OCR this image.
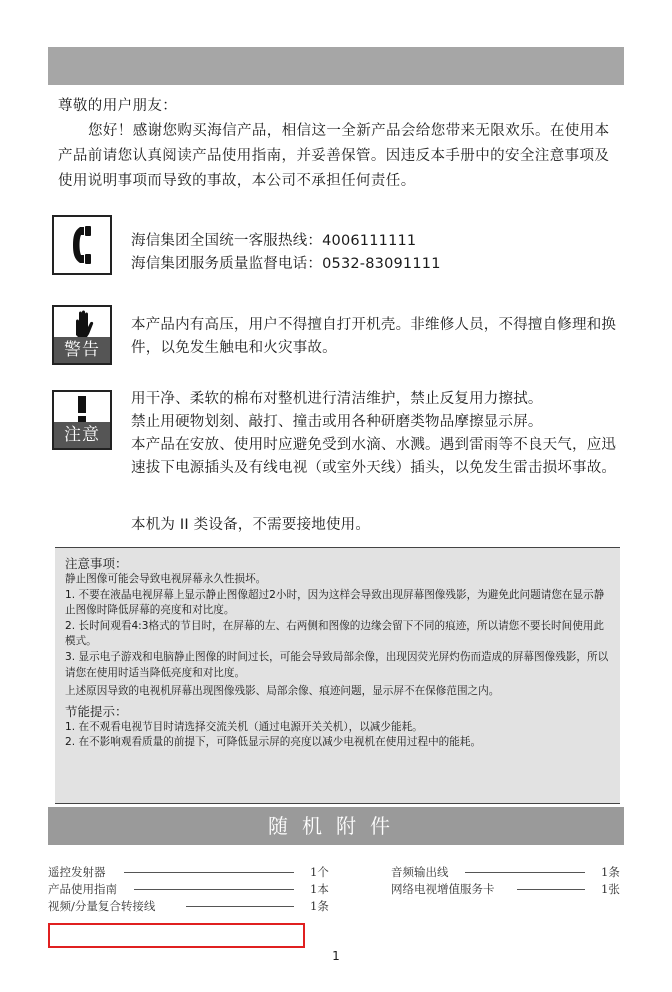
尊敬的用户朋友：

您好！感谢您购买海信产品，相信这一全新产品会给您带来无限欢乐。在使用本产品前请您认真阅读产品使用指南，并妥善保管。因违反本手册中的安全注意事项及使用说明事项而导致的事故，本公司不承担任何责任。

海信集团全国统一客服热线：4006111111

海信集团服务质量监督电话：0532-83091111

警告
本产品内有高压，用户不得擅自打开机壳。非维修人员，不得擅自修理和换件，以免发生触电和火灾事故。
注意

用干净、柔软的棉布对整机进行清洁维护，禁止反复用力擦拭。

禁止用硬物划刻、敲打、撞击或用各种研磨类物品摩擦显示屏。

本产品在安放、使用时应避免受到水滴、水溅。遇到雷雨等不良天气，应迅速拔下电源插头及有线电视（或室外天线）插头，以免发生雷击损坏事故。

本机为 II 类设备，不需要接地使用。

注意事项：

静止图像可能会导致电视屏幕永久性损坏。

1. 不要在液晶电视屏幕上显示静止图像超过2小时，因为这样会导致出现屏幕图像残影，为避免此问题请您在显示静止图像时降低屏幕的亮度和对比度。

2. 长时间观看4:3格式的节目时，在屏幕的左、右两侧和图像的边缘会留下不同的痕迹，所以请您不要长时间使用此模式。

3. 显示电子游戏和电脑静止图像的时间过长，可能会导致局部余像，出现因荧光屏灼伤而造成的屏幕图像残影，所以请您在使用时适当降低亮度和对比度。

上述原因导致的电视机屏幕出现图像残影、局部余像、痕迹问题，显示屏不在保修范围之内。

节能提示：

1. 在不观看电视节目时请选择交流关机（通过电源开关关机），以减少能耗。

2. 在不影响观看质量的前提下，可降低显示屏的亮度以减少电视机在使用过程中的能耗。

随机附件
遥控发射器	1个
产品使用指南	1本
视频/分量复合转接线	1条
音频输出线	1条
网络电视增值服务卡	1张
1
